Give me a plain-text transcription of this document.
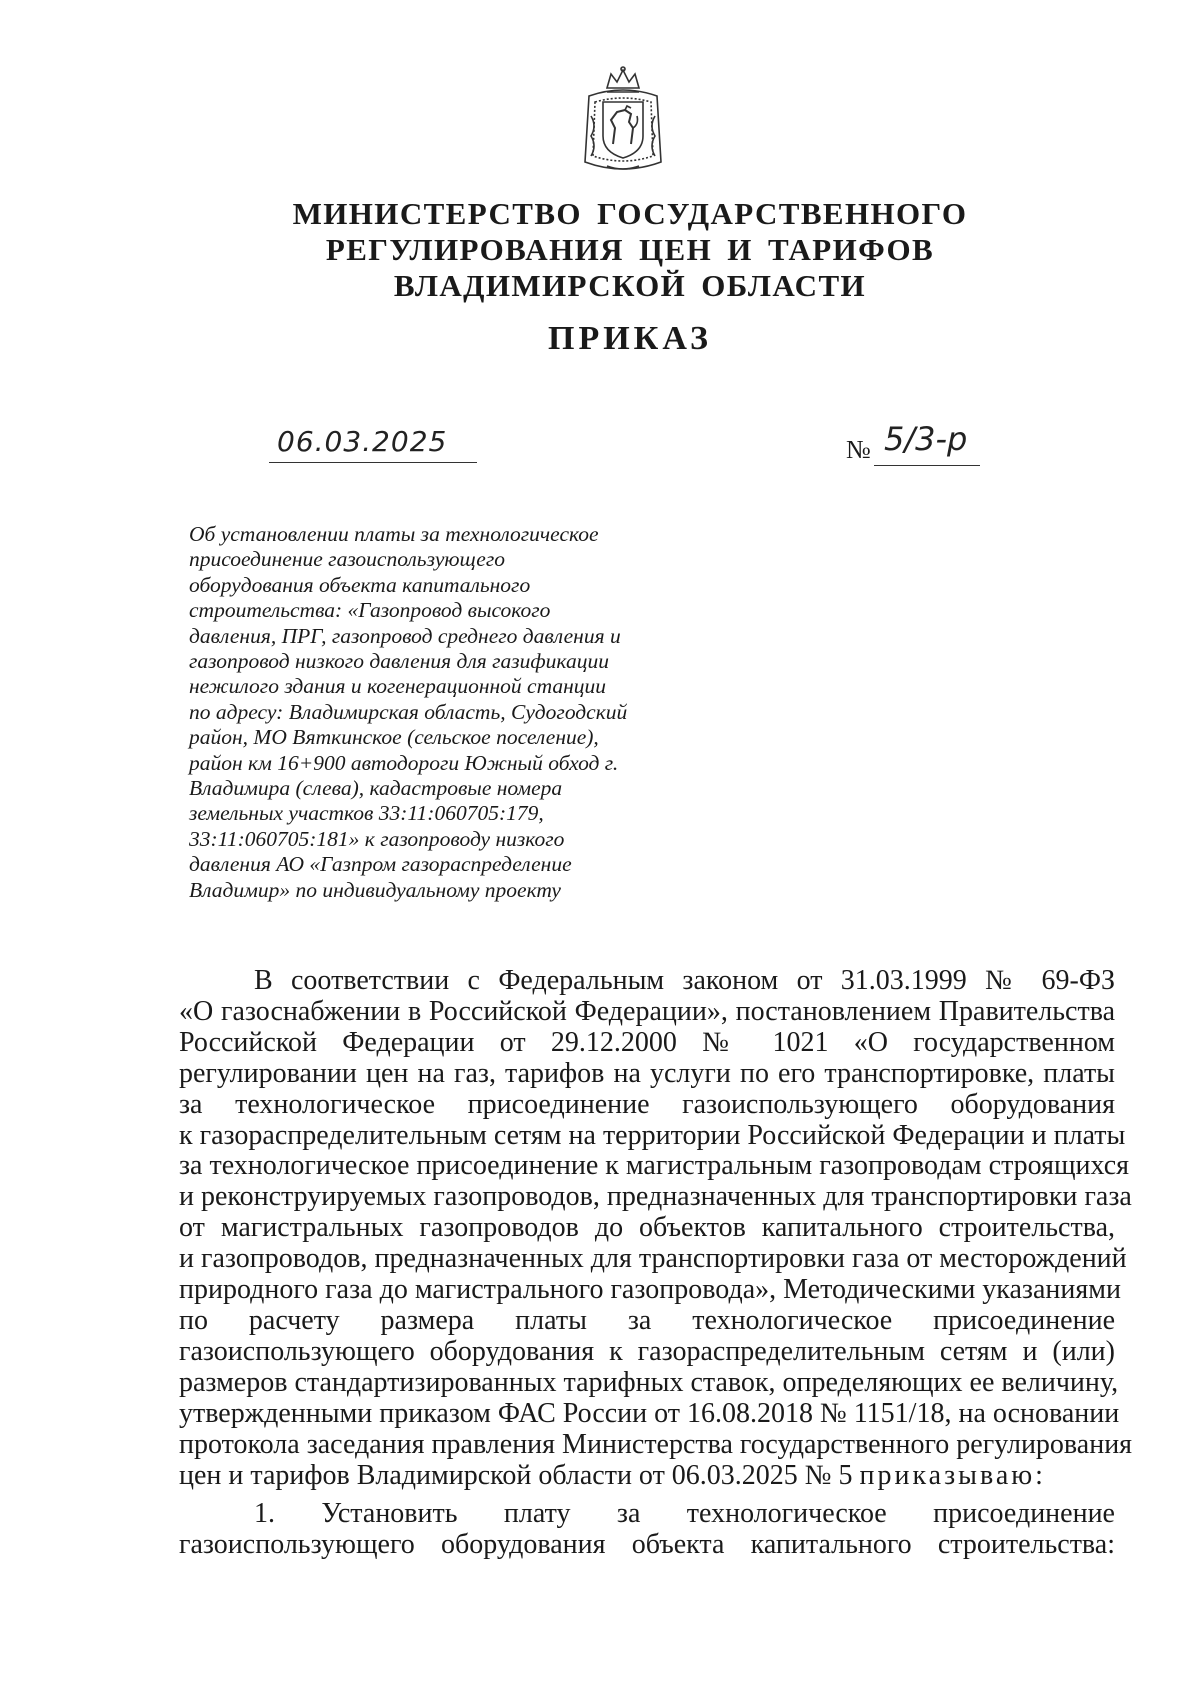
МИНИСТЕРСТВО ГОСУДАРСТВЕННОГО
РЕГУЛИРОВАНИЯ ЦЕН И ТАРИФОВ
ВЛАДИМИРСКОЙ ОБЛАСТИ
ПРИКАЗ
06.03.2025	№ 5/3-р
Об установлении платы за технологическое
присоединение газоиспользующего
оборудования объекта капитального
строительства: «Газопровод высокого
давления, ПРГ, газопровод среднего давления и
газопровод низкого давления для газификации
нежилого здания и когенерационной станции
по адресу: Владимирская область, Судогодский
район, МО Вяткинское (сельское поселение),
район км 16+900 автодороги Южный обход г.
Владимира (слева), кадастровые номера
земельных участков 33:11:060705:179,
33:11:060705:181» к газопроводу низкого
давления АО «Газпром газораспределение
Владимир» по индивидуальному проекту
В соответствии с Федеральным законом от 31.03.1999 № 69-ФЗ
«О газоснабжении в Российской Федерации», постановлением Правительства
Российской Федерации от 29.12.2000 № 1021 «О государственном
регулировании цен на газ, тарифов на услуги по его транспортировке, платы
за технологическое присоединение газоиспользующего оборудования
к газораспределительным сетям на территории Российской Федерации и платы
за технологическое присоединение к магистральным газопроводам строящихся
и реконструируемых газопроводов, предназначенных для транспортировки газа
от магистральных газопроводов до объектов капитального строительства,
и газопроводов, предназначенных для транспортировки газа от месторождений
природного газа до магистрального газопровода», Методическими указаниями
по расчету размера платы за технологическое присоединение
газоиспользующего оборудования к газораспределительным сетям и (или)
размеров стандартизированных тарифных ставок, определяющих ее величину,
утвержденными приказом ФАС России от 16.08.2018 № 1151/18, на основании
протокола заседания правления Министерства государственного регулирования
цен и тарифов Владимирской области от 06.03.2025 № 5 приказываю:
1. Установить плату за технологическое присоединение
газоиспользующего оборудования объекта капитального строительства:
